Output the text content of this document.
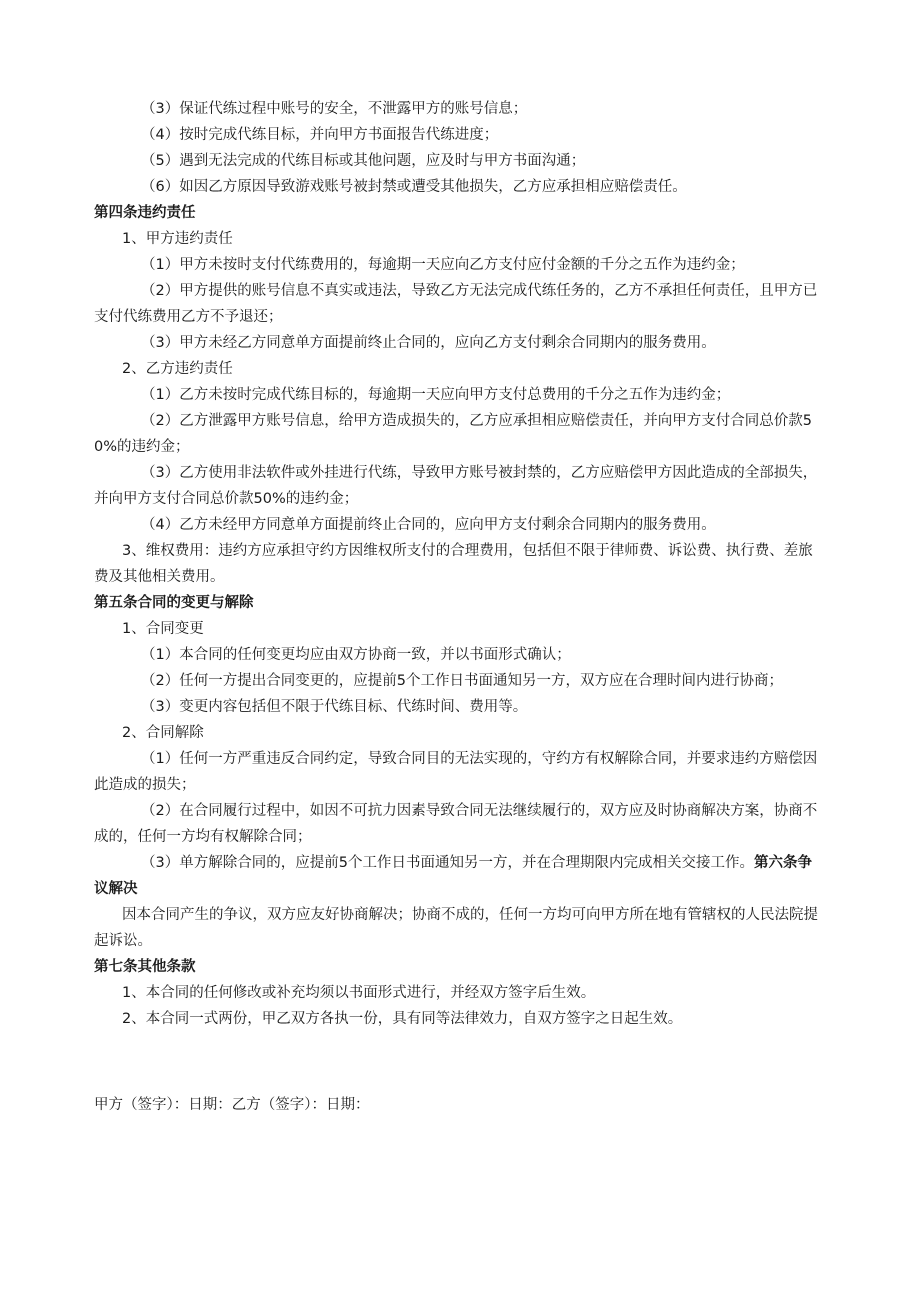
（3）保证代练过程中账号的安全，不泄露甲方的账号信息；

（4）按时完成代练目标，并向甲方书面报告代练进度；

（5）遇到无法完成的代练目标或其他问题，应及时与甲方书面沟通；

（6）如因乙方原因导致游戏账号被封禁或遭受其他损失，乙方应承担相应赔偿责任。

第四条违约责任

1、甲方违约责任

（1）甲方未按时支付代练费用的，每逾期一天应向乙方支付应付金额的千分之五作为违约金；

（2）甲方提供的账号信息不真实或违法，导致乙方无法完成代练任务的，乙方不承担任何责任，且甲方已支付代练费用乙方不予退还；

（3）甲方未经乙方同意单方面提前终止合同的，应向乙方支付剩余合同期内的服务费用。

2、乙方违约责任

（1）乙方未按时完成代练目标的，每逾期一天应向甲方支付总费用的千分之五作为违约金；

（2）乙方泄露甲方账号信息，给甲方造成损失的，乙方应承担相应赔偿责任，并向甲方支付合同总价款50%的违约金；

（3）乙方使用非法软件或外挂进行代练，导致甲方账号被封禁的，乙方应赔偿甲方因此造成的全部损失，并向甲方支付合同总价款50%的违约金；

（4）乙方未经甲方同意单方面提前终止合同的，应向甲方支付剩余合同期内的服务费用。

3、维权费用：违约方应承担守约方因维权所支付的合理费用，包括但不限于律师费、诉讼费、执行费、差旅费及其他相关费用。

第五条合同的变更与解除

1、合同变更

（1）本合同的任何变更均应由双方协商一致，并以书面形式确认；

（2）任何一方提出合同变更的，应提前5个工作日书面通知另一方，双方应在合理时间内进行协商；

（3）变更内容包括但不限于代练目标、代练时间、费用等。

2、合同解除

（1）任何一方严重违反合同约定，导致合同目的无法实现的，守约方有权解除合同，并要求违约方赔偿因此造成的损失；

（2）在合同履行过程中，如因不可抗力因素导致合同无法继续履行的，双方应及时协商解决方案，协商不成的，任何一方均有权解除合同；

（3）单方解除合同的，应提前5个工作日书面通知另一方，并在合理期限内完成相关交接工作。第六条争议解决

因本合同产生的争议，双方应友好协商解决；协商不成的，任何一方均可向甲方所在地有管辖权的人民法院提起诉讼。

第七条其他条款

1、本合同的任何修改或补充均须以书面形式进行，并经双方签字后生效。

2、本合同一式两份，甲乙双方各执一份，具有同等法律效力，自双方签字之日起生效。

甲方（签字）：日期：乙方（签字）：日期：
